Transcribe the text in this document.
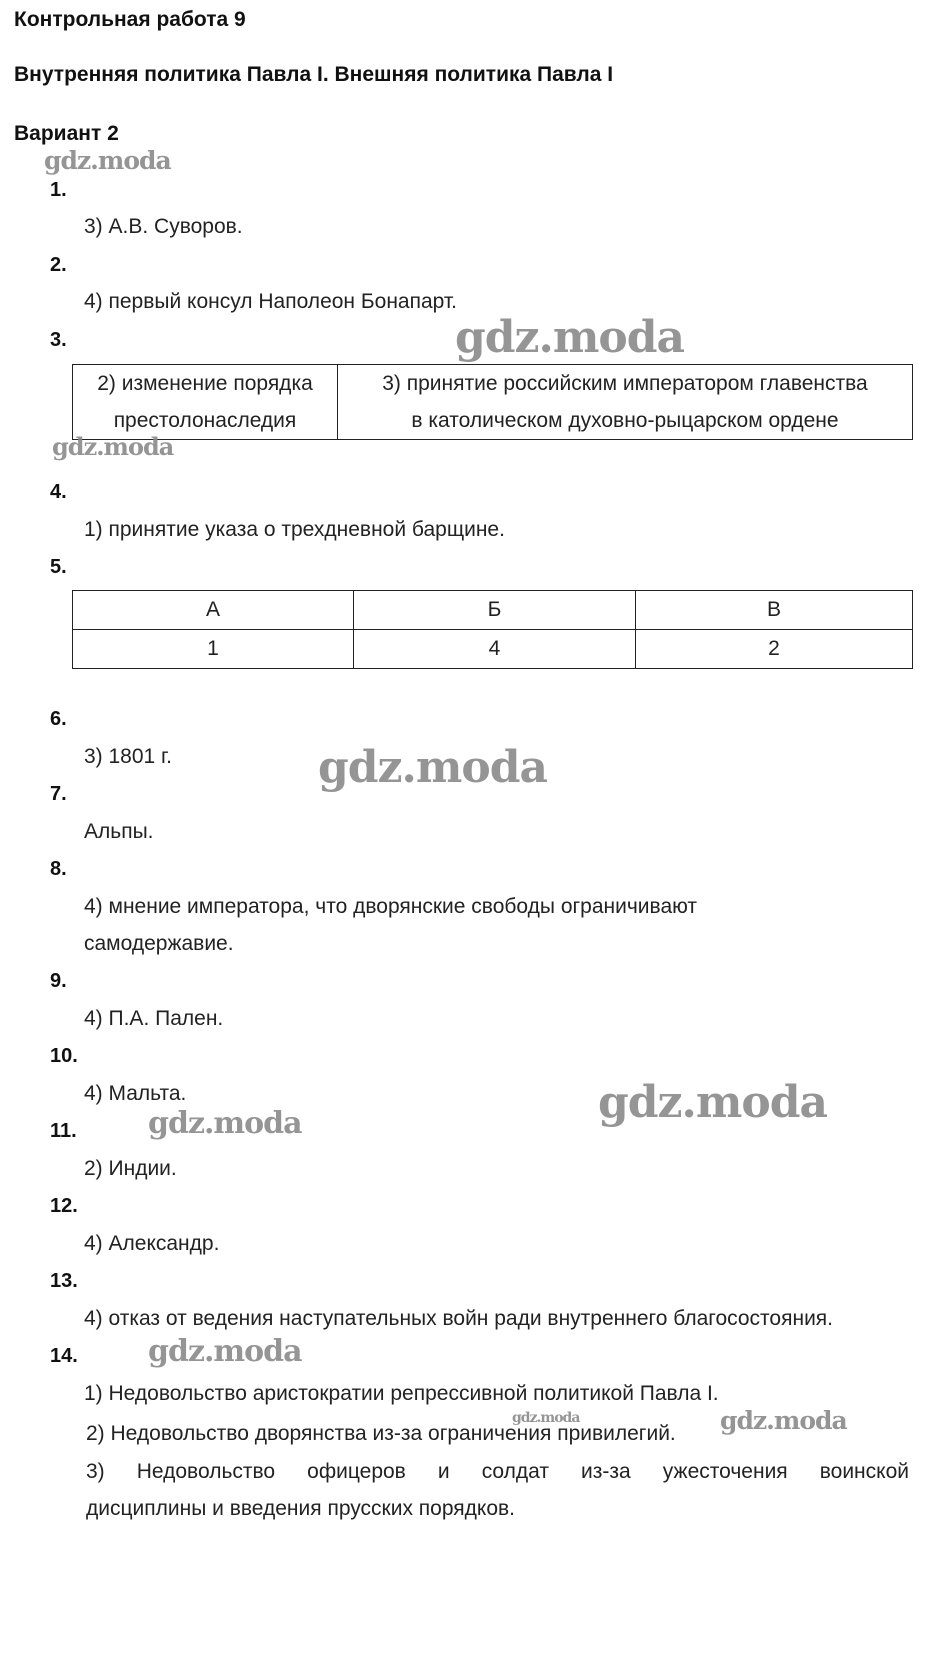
Контрольная работа 9
Внутренняя политика Павла I. Внешняя политика Павла I
Вариант 2
1.
3) А.В. Суворов.
2.
4) первый консул Наполеон Бонапарт.
3.
2) изменение порядка
престолонаследия

3) принятие российским императором главенства
в католическом духовно-рыцарском ордене
4.
1) принятие указа о трехдневной барщине.
5.
А	Б	В
1	4	2
6.
3) 1801 г.
7.
Альпы.
8.
4) мнение императора, что дворянские свободы ограничивают
самодержавие.
9.
4) П.А. Пален.
10.
4) Мальта.
11.
2) Индии.
12.
4) Александр.
13.
4) отказ от ведения наступательных войн ради внутреннего благосостояния.
14.
1) Недовольство аристократии репрессивной политикой Павла I.
2) Недовольство дворянства из-за ограничения привилегий.
3) Недовольство офицеров и солдат из-за ужесточения воинской
дисциплины и введения прусских порядков.
gdz.moda
gdz.moda
gdz.moda
gdz.moda
gdz.moda
gdz.moda
gdz.moda
gdz.moda	gdz.moda
